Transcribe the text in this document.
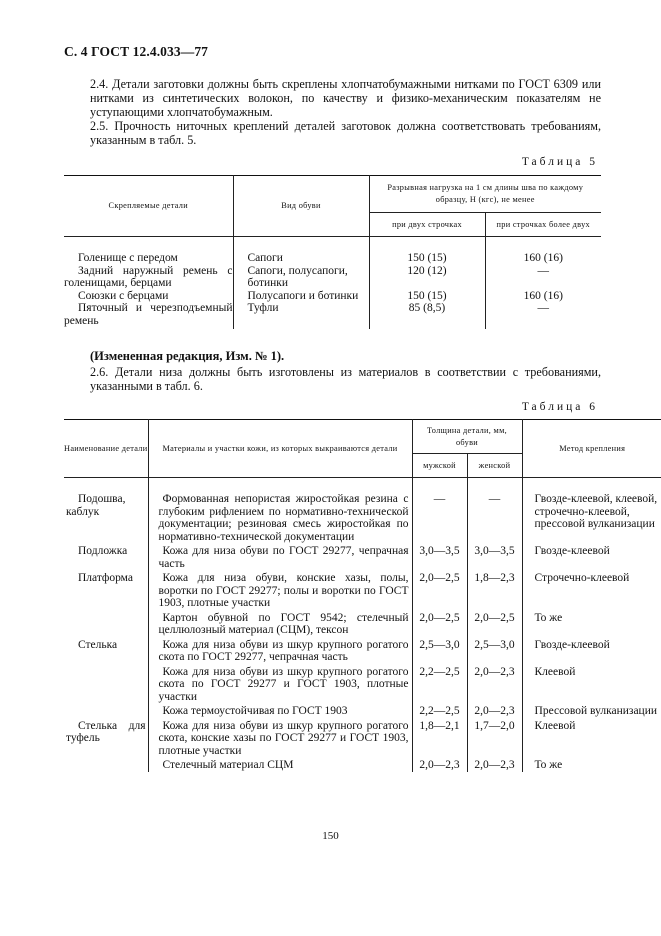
С. 4 ГОСТ 12.4.033—77
2.4. Детали заготовки должны быть скреплены хлопчатобумажными нитками по ГОСТ 6309 или нитками из синтетических волокон, по качеству и физико-механическим показателям не уступающими хлопчатобумажным.
2.5. Прочность ниточных креплений деталей заготовок должна соответствовать требованиям, указанным в табл. 5.
Таблица 5
Скрепляемые детали	Вид обуви	Разрывная нагрузка на 1 см длины шва по каждому образцу, Н (кгс), не менее	
		при двух строчках	при строчках более двух
Голенище с передом	Сапоги	150 (15)	160 (16)
Задний наружный ремень с голенищами, берцами	Сапоги, полусапоги, ботинки	120 (12)	—
Союзки с берцами	Полусапоги и ботинки	150 (15)	160 (16)
Пяточный и черезподъемный ремень	Туфли	85 (8,5)	—
(Измененная редакция, Изм. № 1).
2.6. Детали низа должны быть изготовлены из материалов в соответствии с требованиями, указанными в табл. 6.
Таблица 6
Наименование детали	Материалы и участки кожи, из которых выкраиваются детали	Толщина детали, мм, обуви		Метод крепления
		мужской	женской	
Подошва, каблук	Формованная непористая жиростойкая резина с глубоким рифлением по нормативно-технической документации; резиновая смесь жиростойкая по нормативно-технической документации	—	—	Гвозде-клеевой, клеевой, строчечно-клеевой, прессовой вулканизации
Подложка	Кожа для низа обуви по ГОСТ 29277, чепрачная часть	3,0—3,5	3,0—3,5	Гвозде-клеевой
Платформа	Кожа для низа обуви, конские хазы, полы, воротки по ГОСТ 29277; полы и воротки по ГОСТ 1903, плотные участки	2,0—2,5	1,8—2,3	Строчечно-клеевой
	Картон обувной по ГОСТ 9542; стелечный целлюлозный материал (СЦМ), тексон	2,0—2,5	2,0—2,5	То же
Стелька	Кожа для низа обуви из шкур крупного рогатого скота по ГОСТ 29277, чепрачная часть	2,5—3,0	2,5—3,0	Гвозде-клеевой
	Кожа для низа обуви из шкур крупного рогатого скота по ГОСТ 29277 и ГОСТ 1903, плотные участки	2,2—2,5	2,0—2,3	Клеевой
	Кожа термоустойчивая по ГОСТ 1903	2,2—2,5	2,0—2,3	Прессовой вулканизации
Стелька для туфель	Кожа для низа обуви из шкур крупного рогатого скота, конские хазы по ГОСТ 29277 и ГОСТ 1903, плотные участки	1,8—2,1	1,7—2,0	Клеевой
	Стелечный материал СЦМ	2,0—2,3	2,0—2,3	То же
150
